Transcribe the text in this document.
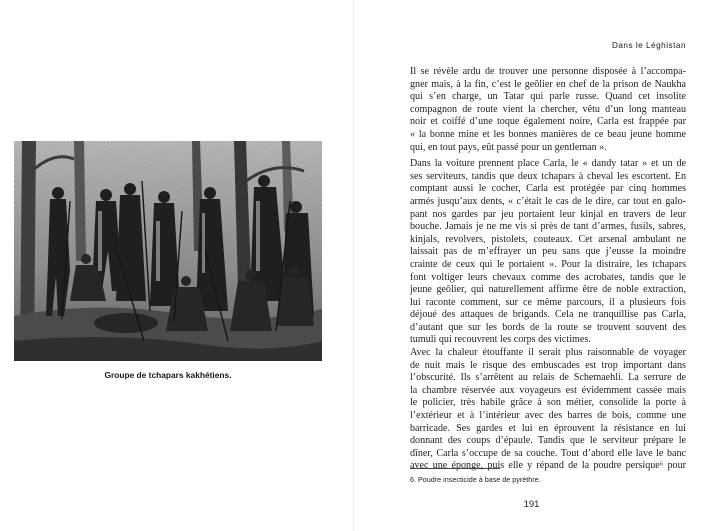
Groupe de tchapars kakhétiens.
Dans le Léghistan
Il se révèle ardu de trouver une personne disposée à l’accompa-
gner mais, à la fin, c’est le geôlier en chef de la prison de Naukha
qui s’en charge, un Tatar qui parle russe. Quand cet insolite
compagnon de route vient la chercher, vêtu d’un long manteau
noir et coiffé d’une toque également noire, Carla est frappée par
« la bonne mine et les bonnes manières de ce beau jeune homme
qui, en tout pays, eût passé pour un gentleman ».
Dans la voiture prennent place Carla, le « dandy tatar » et un de
ses serviteurs, tandis que deux tchapars à cheval les escortent. En
comptant aussi le cocher, Carla est protégée par cinq hommes
armés jusqu’aux dents, « c’était le cas de le dire, car tout en galo-
pant nos gardes par jeu portaient leur kinjal en travers de leur
bouche. Jamais je ne me vis si près de tant d’armes, fusils, sabres,
kinjals, revolvers, pistolets, couteaux. Cet arsenal ambulant ne
laissait pas de m’effrayer un peu sans que j’eusse la moindre
crainte de ceux qui le portaient ». Pour la distraire, les tchapars
font voltiger leurs chevaux comme des acrobates, tandis que le
jeune geôlier, qui naturellement affirme être de noble extraction,
lui raconte comment, sur ce même parcours, il a plusieurs fois
déjoué des attaques de brigands. Cela ne tranquillise pas Carla,
d’autant que sur les bords de la route se trouvent souvent des
tumuli qui recouvrent les corps des victimes.
Avec la chaleur étouffante il serait plus raisonnable de voyager
de nuit mais le risque des embuscades est trop important dans
l’obscurité. Ils s’arrêtent au relais de Schemaehli. La serrure de
la chambre réservée aux voyageurs est évidemment cassée mais
le policier, très habile grâce à son métier, consolide la porte à
l’extérieur et à l’intérieur avec des barres de bois, comme une
barricade. Ses gardes et lui en éprouvent la résistance en lui
donnant des coups d’épaule. Tandis que le serviteur prépare le
dîner, Carla s’occupe de sa couche. Tout d’abord elle lave le banc
avec une éponge, puis elle y répand de la poudre persique⁶ pour
6. Poudre insecticide à base de pyrèthre.
191
